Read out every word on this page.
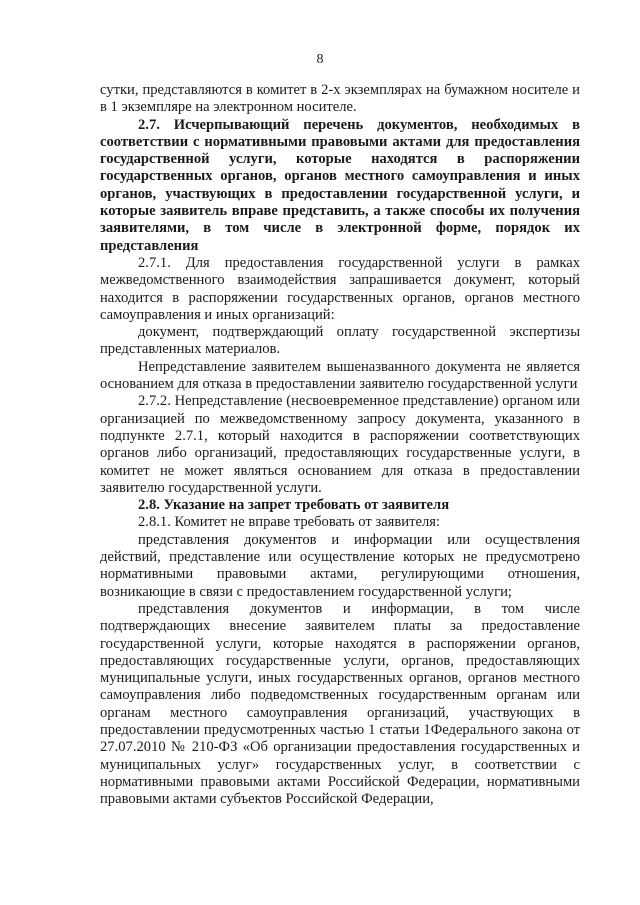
8

сутки, представляются в комитет в 2-х экземплярах на бумажном носителе и в 1 экземпляре на электронном носителе.

2.7. Исчерпывающий перечень документов, необходимых в соответствии с нормативными правовыми актами для предоставления государственной услуги, которые находятся в распоряжении государственных органов, органов местного самоуправления и иных органов, участвующих в предоставлении государственной услуги, и которые заявитель вправе представить, а также способы их получения заявителями, в том числе в электронной форме, порядок их представления

2.7.1. Для предоставления государственной услуги в рамках межведомственного взаимодействия запрашивается документ, который находится в распоряжении государственных органов, органов местного самоуправления и иных организаций:

документ, подтверждающий оплату государственной экспертизы представленных материалов.

Непредставление заявителем вышеназванного документа не является основанием для отказа в предоставлении заявителю государственной услуги

2.7.2. Непредставление (несвоевременное представление) органом или организацией по межведомственному запросу документа, указанного в подпункте 2.7.1, который находится в распоряжении соответствующих органов либо организаций, предоставляющих государственные услуги, в комитет не может являться основанием для отказа в предоставлении заявителю государственной услуги.

2.8. Указание на запрет требовать от заявителя

2.8.1. Комитет не вправе требовать от заявителя:

представления документов и информации или осуществления действий, представление или осуществление которых не предусмотрено нормативными правовыми актами, регулирующими отношения, возникающие в связи с предоставлением государственной услуги;

представления документов и информации, в том числе подтверждающих внесение заявителем платы за предоставление государственной услуги, которые находятся в распоряжении органов, предоставляющих государственные услуги, органов, предоставляющих муниципальные услуги, иных государственных органов, органов местного самоуправления либо подведомственных государственным органам или органам местного самоуправления организаций, участвующих в предоставлении предусмотренных частью 1 статьи 1Федерального закона от 27.07.2010 № 210-ФЗ «Об организации предоставления государственных и муниципальных услуг» государственных услуг, в соответствии с нормативными правовыми актами Российской Федерации, нормативными правовыми актами субъектов Российской Федерации,
